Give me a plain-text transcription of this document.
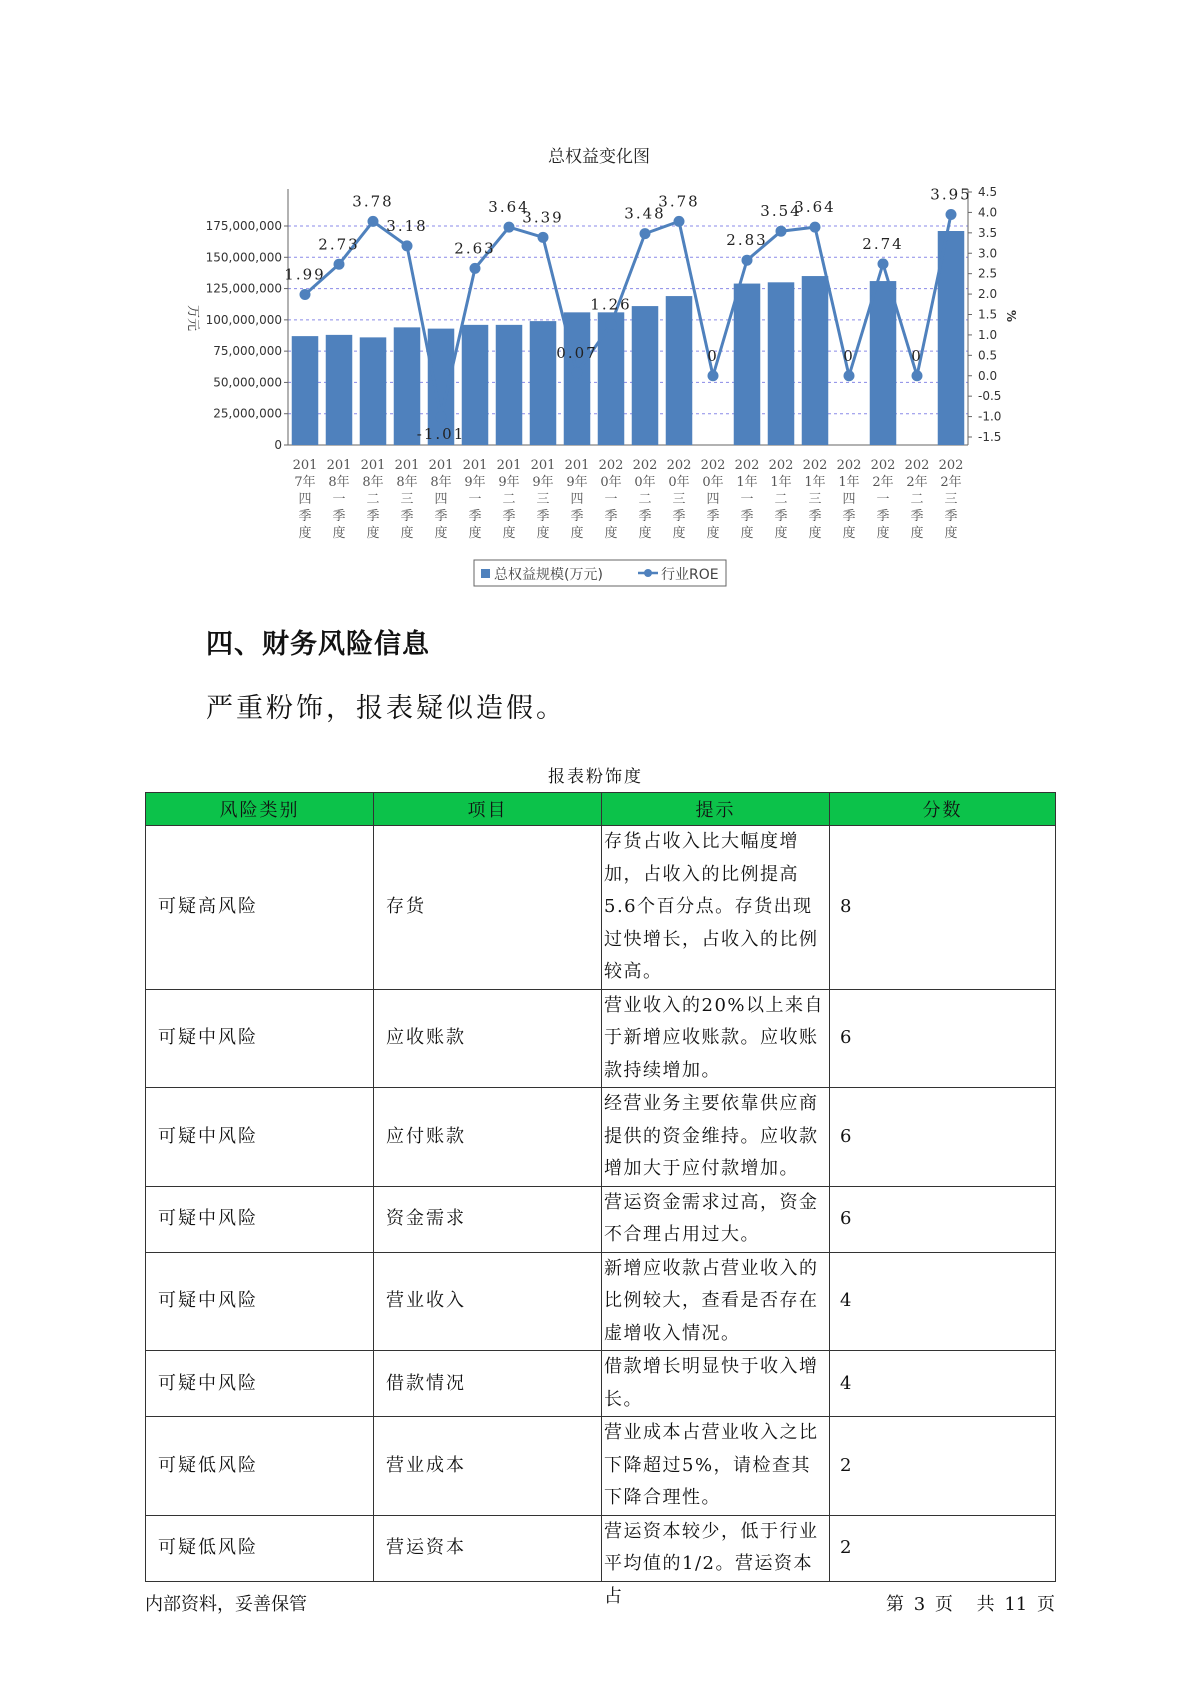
总权益变化图
0
25,000,000
50,000,000
75,000,000
100,000,000
125,000,000
150,000,000
175,000,000
-1.5
-1.0
-0.5
0.0
0.5
1.0
1.5
2.0
2.5
3.0
3.5
4.0
4.5
1.99
2.73
3.78
3.18
-1.01
2.63
3.64
3.39
0.07
1.26
3.48
3.78
0
2.83
3.54
3.64
0
2.74
0
3.95
201 7年四季度
201 8年一季度
201 8年二季度
201 8年三季度
201 8年四季度
201 9年一季度
201 9年二季度
201 9年三季度
201 9年四季度
202 0年一季度
202 0年二季度
202 0年三季度
202 0年四季度
202 1年一季度
202 1年二季度
202 1年三季度
202 1年四季度
202 2年一季度
202 2年二季度
202 2年三季度
万元	%
总权益规模(万元)	行业ROE
四、财务风险信息

严重粉饰，报表疑似造假。

报表粉饰度
风险类别	项目	提示	分数
可疑高风险	存货	存货占收入比大幅度增加，占收入的比例提高5.6个百分点。存货出现过快增长，占收入的比例较高。	8
可疑中风险	应收账款	营业收入的20%以上来自于新增应收账款。应收账款持续增加。	6
可疑中风险	应付账款	经营业务主要依靠供应商提供的资金维持。应收款增加大于应付款增加。	6
可疑中风险	资金需求	营运资金需求过高，资金不合理占用过大。	6
可疑中风险	营业收入	新增应收款占营业收入的比例较大，查看是否存在虚增收入情况。	4
可疑中风险	借款情况	借款增长明显快于收入增长。	4
可疑低风险	营业成本	营业成本占营业收入之比下降超过5%，请检查其下降合理性。	2
可疑低风险	营运资本	营运资本较少，低于行业平均值的1/2。营运资本占	2
内部资料，妥善保管	第 3 页 共 11 页
